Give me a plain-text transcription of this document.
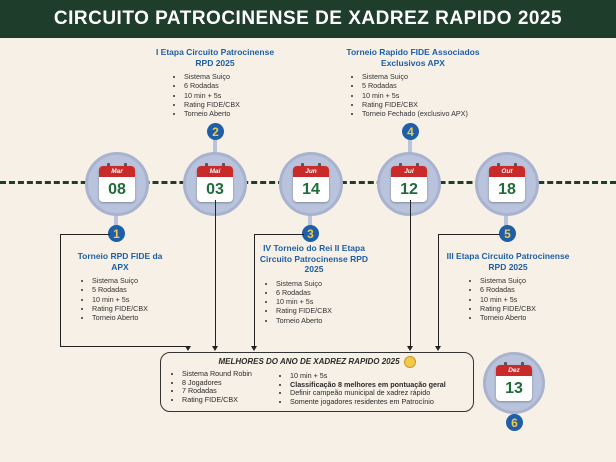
CIRCUITO PATROCINENSE DE XADREZ RAPIDO 2025
I Etapa Circuito Patrocinense RPD 2025
• Sistema Suiço
• 6 Rodadas
• 10 min + 5s
• Rating FIDE/CBX
• Torneio Aberto
Torneio Rapido FIDE Associados Exclusivos APX
• Sistema Suiço
• 5 Rodadas
• 10 min + 5s
• Rating FIDE/CBX
• Torneio Fechado (exclusivo APX)
Mar
08
1
2
Mai
03
Jun
14
3
4
Jul
12
Out
18
5
Dez
13
6
Torneio RPD FIDE da APX
• Sistema Suiço
• 5 Rodadas
• 10 min + 5s
• Rating FIDE/CBX
• Torneio Aberto
IV Torneio do Rei II Etapa Circuito Patrocinense RPD 2025
• Sistema Suiço
• 6 Rodadas
• 10 min + 5s
• Rating FIDE/CBX
• Torneio Aberto
III Etapa Circuito Patrocinense RPD 2025
• Sistema Suiço
• 6 Rodadas
• 10 min + 5s
• Rating FIDE/CBX
• Torneio Aberto
MELHORES DO ANO DE XADREZ RAPIDO 2025
• Sistema Round Robin
• 8 Jogadores
• 7 Rodadas
• Rating FIDE/CBX
• 10 min + 5s
• Classificação 8 melhores em pontuação geral
• Definir campeão municipal de xadrez rápido
• Somente jogadores residentes em Patrocínio
